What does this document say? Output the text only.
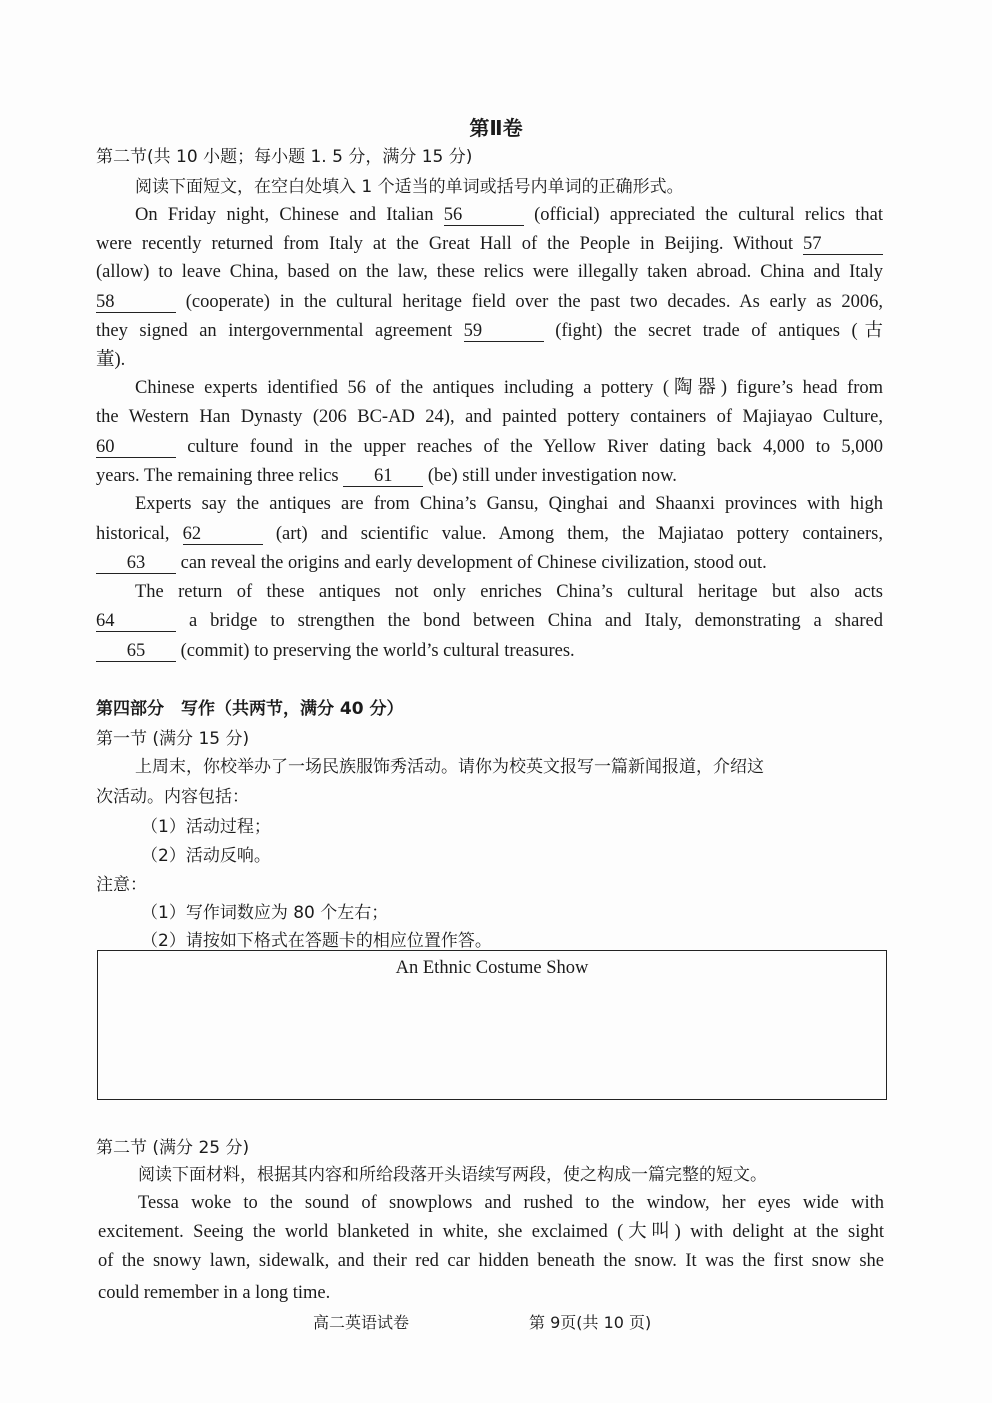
第Ⅱ卷
第二节(共 10 小题；每小题 1. 5 分，满分 15 分)
阅读下面短文，在空白处填入 1 个适当的单词或括号内单词的正确形式。
On Friday night, Chinese and Italian 56	(official) appreciated the cultural relics that
were recently returned from Italy at the Great Hall of the People in Beijing. Without 57
(allow) to leave China, based on the law, these relics were illegally taken abroad. China and Italy
58	(cooperate) in the cultural heritage field over the past two decades. As early as 2006,
they signed an intergovernmental agreement 59	(fight) the secret trade of antiques (古
董).
Chinese experts identified 56 of the antiques including a pottery (陶器) figure’s head from
the Western Han Dynasty (206 BC-AD 24), and painted pottery containers of Majiayao Culture,
60	culture found in the upper reaches of the Yellow River dating back 4,000 to 5,000
years. The remaining three relics 61 (be) still under investigation now.
Experts say the antiques are from China’s Gansu, Qinghai and Shaanxi provinces with high
historical, 62	(art) and scientific value. Among them, the Majiatao pottery containers,
63 can reveal the origins and early development of Chinese civilization, stood out.
The return of these antiques not only enriches China’s cultural heritage but also acts
64	a bridge to strengthen the bond between China and Italy, demonstrating a shared
65 (commit) to preserving the world’s cultural treasures.
第四部分　写作（共两节，满分 40 分）
第一节 (满分 15 分)
上周末，你校举办了一场民族服饰秀活动。请你为校英文报写一篇新闻报道，介绍这
次活动。内容包括：
（1）活动过程；
（2）活动反响。
注意：
（1）写作词数应为 80 个左右；
（2）请按如下格式在答题卡的相应位置作答。
An Ethnic Costume Show
第二节 (满分 25 分)
阅读下面材料，根据其内容和所给段落开头语续写两段，使之构成一篇完整的短文。
Tessa woke to the sound of snowplows and rushed to the window, her eyes wide with
excitement. Seeing the world blanketed in white, she exclaimed (大叫) with delight at the sight
of the snowy lawn, sidewalk, and their red car hidden beneath the snow. It was the first snow she
could remember in a long time.
高二英语试卷	第 9页(共 10 页)
